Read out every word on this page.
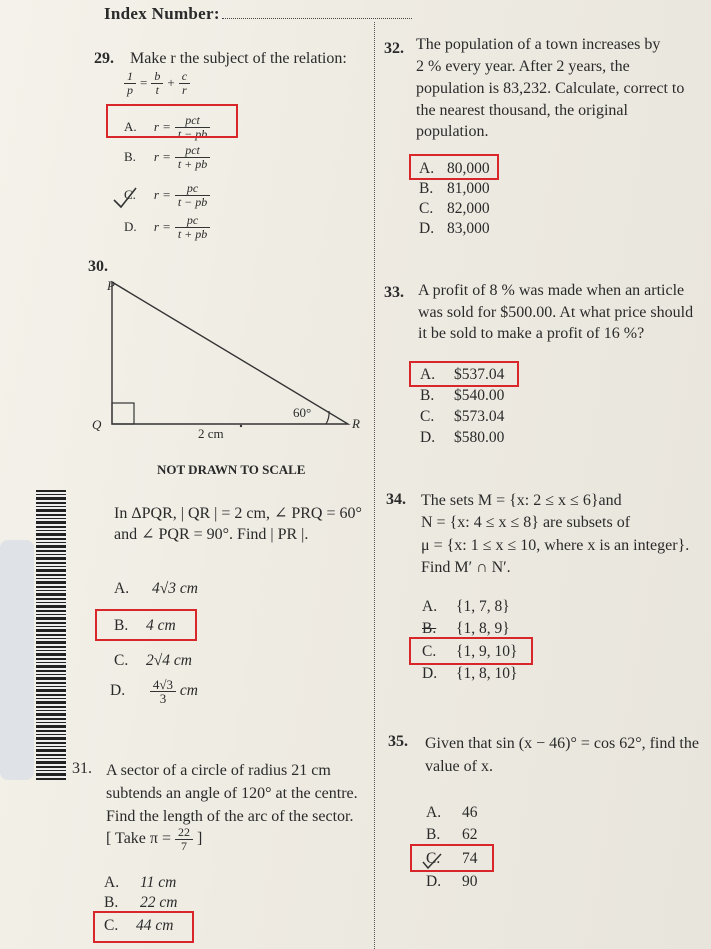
Index Number:
29. Make r the subject of the relation:
$\frac{1}{p} = \frac{b}{t} + \frac{c}{r}$
A. $r = \frac{\text{pct}}{t - pb}$
B. $r = \frac{\text{pct}}{t + pb}$
C. $r = \frac{pc}{t - pb}$
D. $r = \frac{pc}{t + pb}$
30.
P
Q	R
60°
2 cm
NOT DRAWN TO SCALE
In ΔPQR, | QR | = 2 cm, ∠ PRQ = 60°
and ∠ PQR = 90°. Find | PR |.
A. 4√3 cm
B. 4 cm
C. 2√4 cm
D. $\frac{4√3}{3}$ cm
31. A sector of a circle of radius 21 cm
subtends an angle of 120° at the centre.
Find the length of the arc of the sector.
[ Take $\pi = \frac{22}{7}$ ]
A. 11 cm
B. 22 cm
C. 44 cm
32. The population of a town increases by
2 % every year. After 2 years, the
population is 83,232. Calculate, correct to
the nearest thousand, the original
population.
A. 80,000
B. 81,000
C. 82,000
D. 83,000
33. A profit of 8 % was made when an article
was sold for $500.00. At what price should
it be sold to make a profit of 16 %?
A. $537.04
B. $540.00
C. $573.04
D. $580.00
34. The sets M = {x: 2 ≤ x ≤ 6}and
N = {x: 4 ≤ x ≤ 8} are subsets of
μ = {x: 1 ≤ x ≤ 10, where x is an integer}.
Find M′ ∩ N′.
A. {1, 7, 8}
B. {1, 8, 9}
C. {1, 9, 10}
D. {1, 8, 10}
35. Given that sin (x − 46)° = cos 62°, find the
value of x.
A. 46
B. 62
C. 74
D. 90
